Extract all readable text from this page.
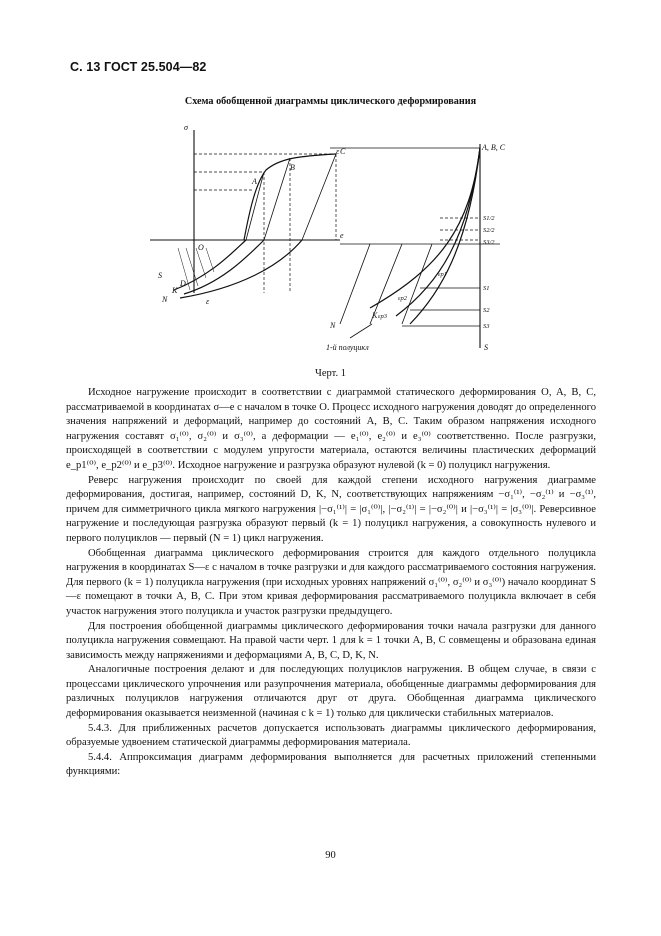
С. 13 ГОСТ 25.504—82
Схема обобщенной диаграммы циклического деформирования
σ
e
A
B
C
O
D
K
N
S
ε
ε	A, B, C
S
S1/2
S2/2
S3/2
S1
S2
S3
εp1
εp2
εp3
N
K
1-й полуцикл
Черт. 1

Исходное нагружение происходит в соответствии с диаграммой статического деформирования O, A, B, C, рассматриваемой в координатах σ—e с началом в точке O. Процесс исходного нагружения доводят до определенного значения напряжений и деформаций, например до состояний A, B, C. Таким образом напряжения исходного нагружения составят σ₁⁽⁰⁾, σ₂⁽⁰⁾ и σ₃⁽⁰⁾, а деформации — e₁⁽⁰⁾, e₂⁽⁰⁾ и e₃⁽⁰⁾ соответственно. После разгрузки, происходящей в соответствии с модулем упругости материала, остаются величины пластических деформаций e_p1⁽⁰⁾, e_p2⁽⁰⁾ и e_p3⁽⁰⁾. Исходное нагружение и разгрузка образуют нулевой (k = 0) полуцикл нагружения.

Реверс нагружения происходит по своей для каждой степени исходного нагружения диаграмме деформирования, достигая, например, состояний D, K, N, соответствующих напряжениям −σ₁⁽¹⁾, −σ₂⁽¹⁾ и −σ₃⁽¹⁾, причем для симметричного цикла мягкого нагружения |−σ₁⁽¹⁾| = |σ₁⁽⁰⁾|, |−σ₂⁽¹⁾| = |−σ₂⁽⁰⁾| и |−σ₃⁽¹⁾| = |σ₃⁽⁰⁾|. Реверсивное нагружение и последующая разгрузка образуют первый (k = 1) полуцикл нагружения, а совокупность нулевого и первого полуциклов — первый (N = 1) цикл нагружения.

Обобщенная диаграмма циклического деформирования строится для каждого отдельного полуцикла нагружения в координатах S—ε с началом в точке разгрузки и для каждого рассматриваемого состояния нагружения. Для первого (k = 1) полуцикла нагружения (при исходных уровнях напряжений σ₁⁽⁰⁾, σ₂⁽⁰⁾ и σ₃⁽⁰⁾) начало координат S—ε помещают в точки A, B, C. При этом кривая деформирования рассматриваемого полуцикла включает в себя участок нагружения этого полуцикла и участок разгрузки предыдущего.

Для построения обобщенной диаграммы циклического деформирования точки начала разгрузки для данного полуцикла нагружения совмещают. На правой части черт. 1 для k = 1 точки A, B, C совмещены и образована единая зависимость между напряжениями и деформациями A, B, C, D, K, N.

Аналогичные построения делают и для последующих полуциклов нагружения. В общем случае, в связи с процессами циклического упрочнения или разупрочнения материала, обобщенные диаграммы деформирования для различных полуциклов нагружения отличаются друг от друга. Обобщенная диаграмма циклического деформирования оказывается неизменной (начиная с k = 1) только для циклически стабильных материалов.

5.4.3. Для приближенных расчетов допускается использовать диаграммы циклического деформирования, образуемые удвоением статической диаграммы деформирования материала.

5.4.4. Аппроксимация диаграмм деформирования выполняется для расчетных приложений степенными функциями:

90
